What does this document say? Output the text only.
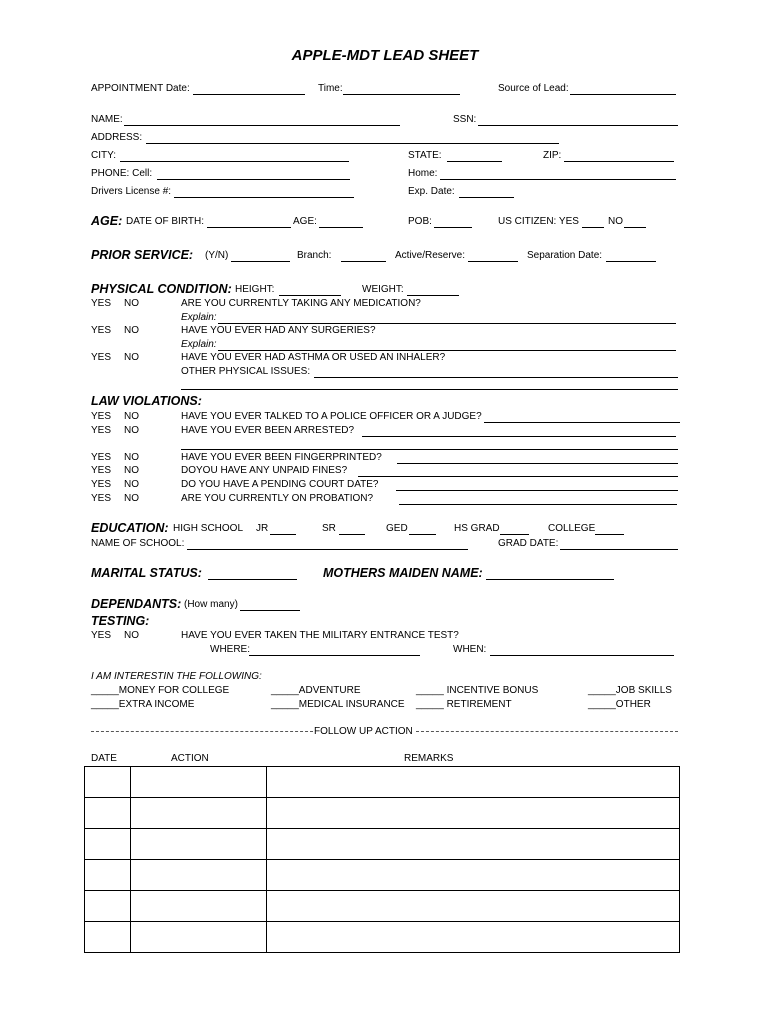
APPLE-MDT LEAD SHEET
APPOINTMENT Date:	Time:	Source of Lead:
NAME:	SSN:
ADDRESS:
CITY:	STATE:	ZIP:
PHONE: Cell:	Home:
Drivers License #:	Exp. Date:
AGE: DATE OF BIRTH:	AGE:	POB:	US CITIZEN: YES	NO
PRIOR SERVICE: (Y/N)	Branch:	Active/Reserve:	Separation Date:
PHYSICAL CONDITION: HEIGHT:	WEIGHT:
YES NO	ARE YOU CURRENTLY TAKING ANY MEDICATION?
Explain:
YES NO	HAVE YOU EVER HAD ANY SURGERIES?
Explain:
YES NO	HAVE YOU EVER HAD ASTHMA OR USED AN INHALER?
OTHER PHYSICAL ISSUES:
LAW VIOLATIONS:
YES NO	HAVE YOU EVER TALKED TO A POLICE OFFICER OR A JUDGE?
YES NO	HAVE YOU EVER BEEN ARRESTED?
YES NO	HAVE YOU EVER BEEN FINGERPRINTED?
YES NO	DOYOU HAVE ANY UNPAID FINES?
YES NO	DO YOU HAVE A PENDING COURT DATE?
YES NO	ARE YOU CURRENTLY ON PROBATION?
EDUCATION: HIGH SCHOOL JR	SR	GED	HS GRAD	COLLEGE
NAME OF SCHOOL:	GRAD DATE:
MARITAL STATUS:	MOTHERS MAIDEN NAME:
DEPENDANTS: (How many)
TESTING:
YES NO	HAVE YOU EVER TAKEN THE MILITARY ENTRANCE TEST?
WHERE:	WHEN:
I AM INTERESTIN THE FOLLOWING:
_____MONEY FOR COLLEGE	_____ADVENTURE	_____ INCENTIVE BONUS	_____JOB SKILLS
_____EXTRA INCOME	_____MEDICAL INSURANCE _____ RETIREMENT	_____OTHER
FOLLOW UP ACTION
DATE	ACTION	REMARKS
